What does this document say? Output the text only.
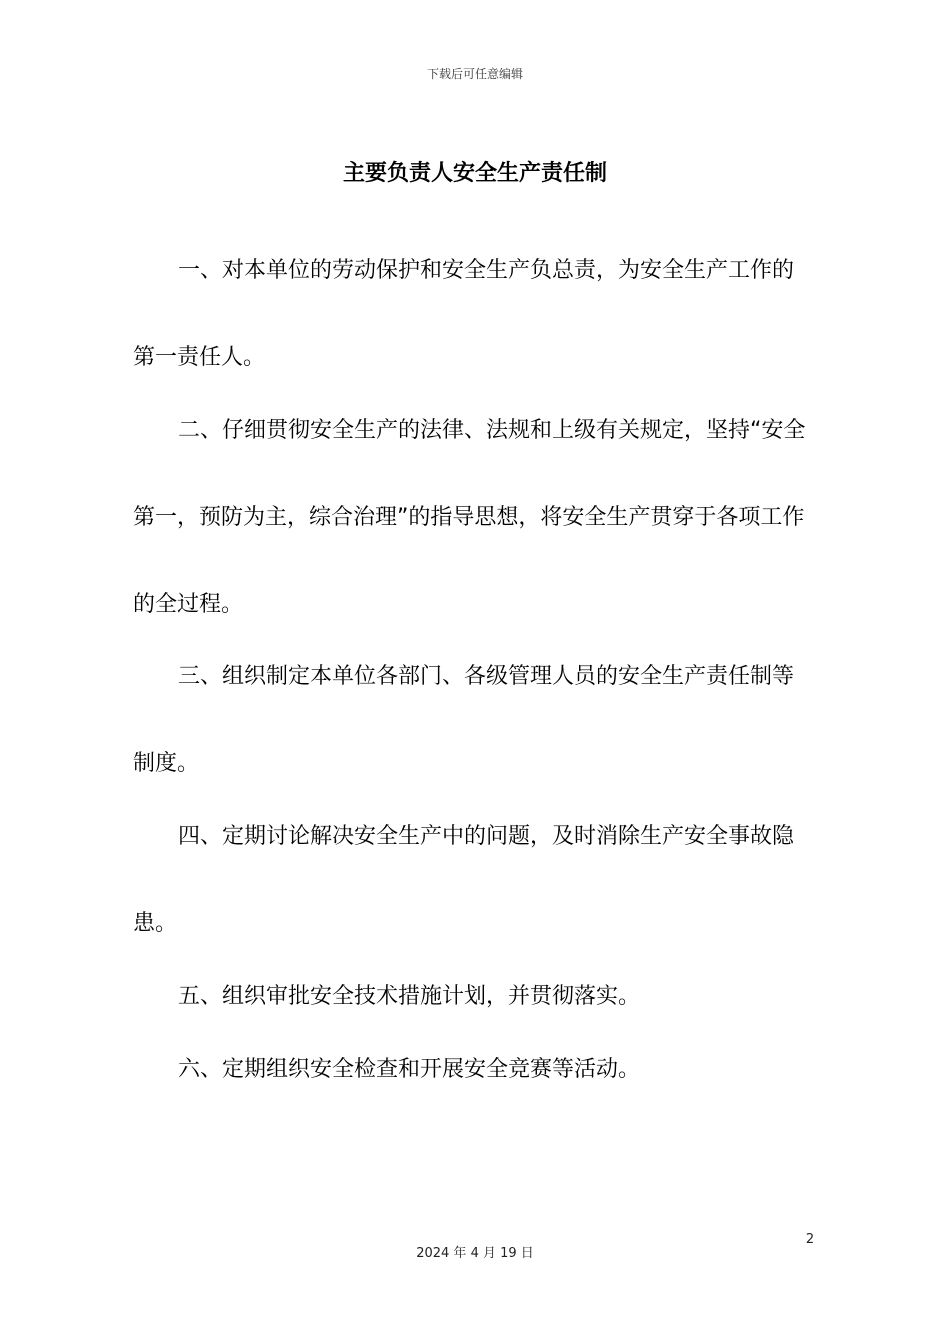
下载后可任意编辑
主要负责人安全生产责任制
一、对本单位的劳动保护和安全生产负总责，为安全生产工作的
第一责任人。
二、仔细贯彻安全生产的法律、法规和上级有关规定，坚持“安全
第一，预防为主，综合治理”的指导思想，将安全生产贯穿于各项工作
的全过程。
三、组织制定本单位各部门、各级管理人员的安全生产责任制等
制度。
四、定期讨论解决安全生产中的问题，及时消除生产安全事故隐
患。
五、组织审批安全技术措施计划，并贯彻落实。
六、定期组织安全检查和开展安全竞赛等活动。
2
2024 年 4 月 19 日
